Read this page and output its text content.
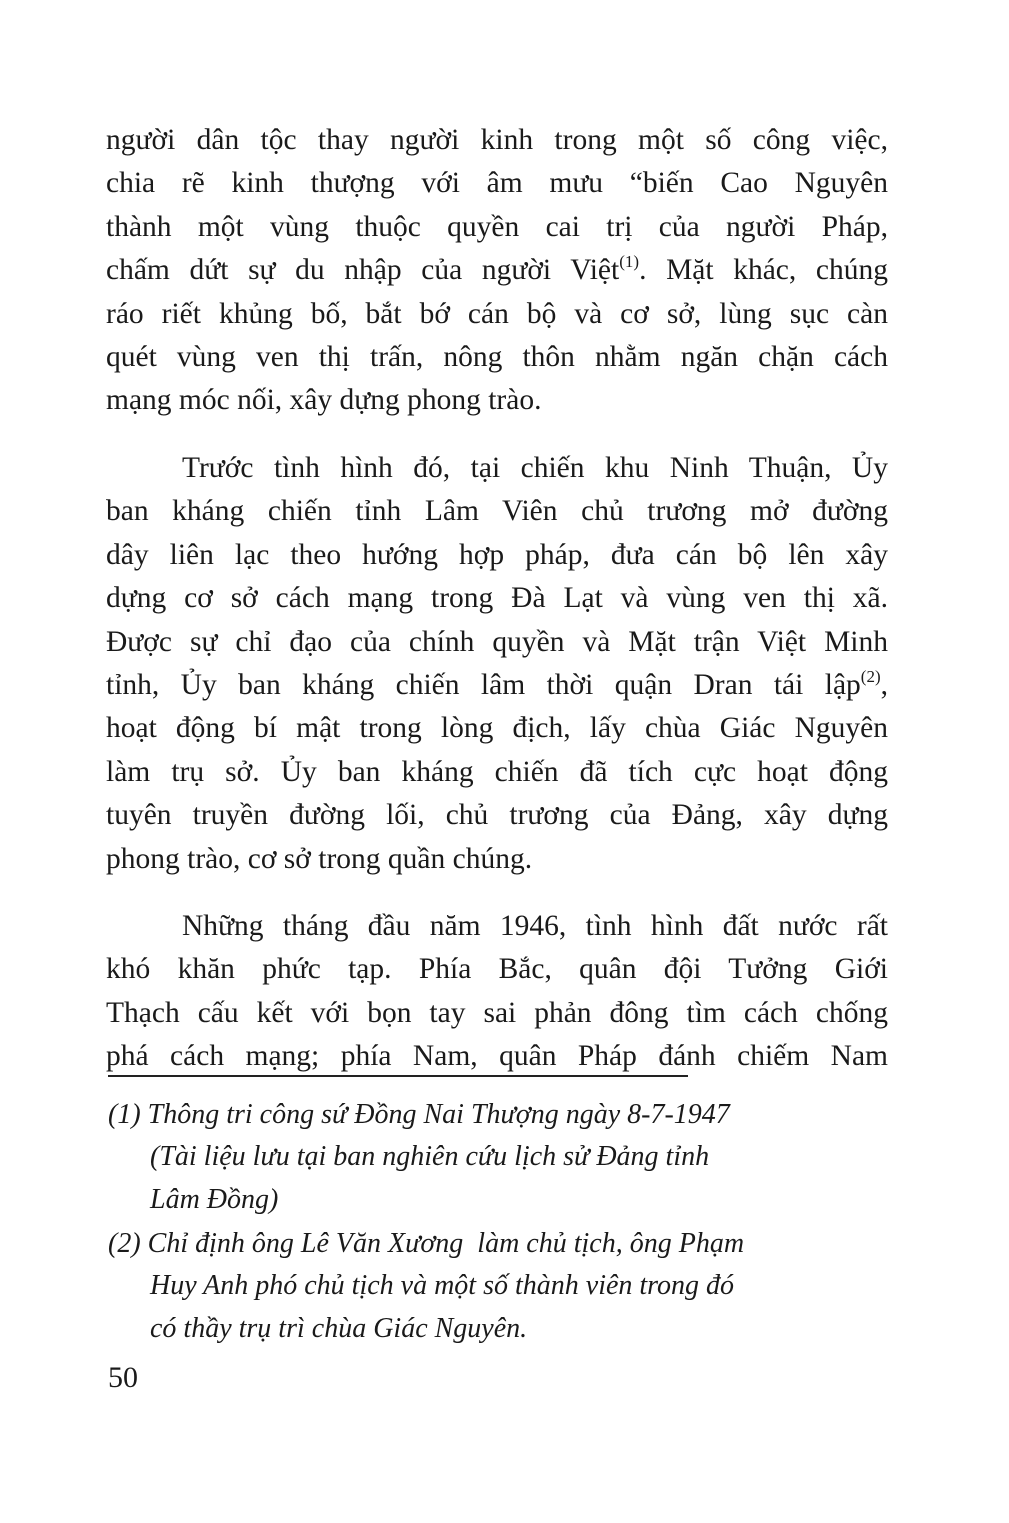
người dân tộc thay người kinh trong một số công việc,
chia rẽ kinh thượng với âm mưu “biến Cao Nguyên
thành một vùng thuộc quyền cai trị của người Pháp,
chấm dứt sự du nhập của người Việt$^{(1)}$. Mặt khác, chúng
ráo riết khủng bố, bắt bớ cán bộ và cơ sở, lùng sục càn
quét vùng ven thị trấn, nông thôn nhằm ngăn chặn cách
mạng móc nối, xây dựng phong trào.
Trước tình hình đó, tại chiến khu Ninh Thuận, Ủy
ban kháng chiến tỉnh Lâm Viên chủ trương mở đường
dây liên lạc theo hướng hợp pháp, đưa cán bộ lên xây
dựng cơ sở cách mạng trong Đà Lạt và vùng ven thị xã.
Được sự chỉ đạo của chính quyền và Mặt trận Việt Minh
tỉnh, Ủy ban kháng chiến lâm thời quận Dran tái lập$^{(2)}$,
hoạt động bí mật trong lòng địch, lấy chùa Giác Nguyên
làm trụ sở. Ủy ban kháng chiến đã tích cực hoạt động
tuyên truyền đường lối, chủ trương của Đảng, xây dựng
phong trào, cơ sở trong quần chúng.
Những tháng đầu năm 1946, tình hình đất nước rất
khó khăn phức tạp. Phía Bắc, quân đội Tưởng Giới
Thạch cấu kết với bọn tay sai phản đông tìm cách chống
phá cách mạng; phía Nam, quân Pháp đánh chiếm Nam
(1) Thông tri công sứ Đồng Nai Thượng ngày 8-7-1947
(Tài liệu lưu tại ban nghiên cứu lịch sử Đảng tỉnh
Lâm Đồng)
(2) Chỉ định ông Lê Văn Xương  làm chủ tịch, ông Phạm
Huy Anh phó chủ tịch và một số thành viên trong đó
có thầy trụ trì chùa Giác Nguyên.
50
